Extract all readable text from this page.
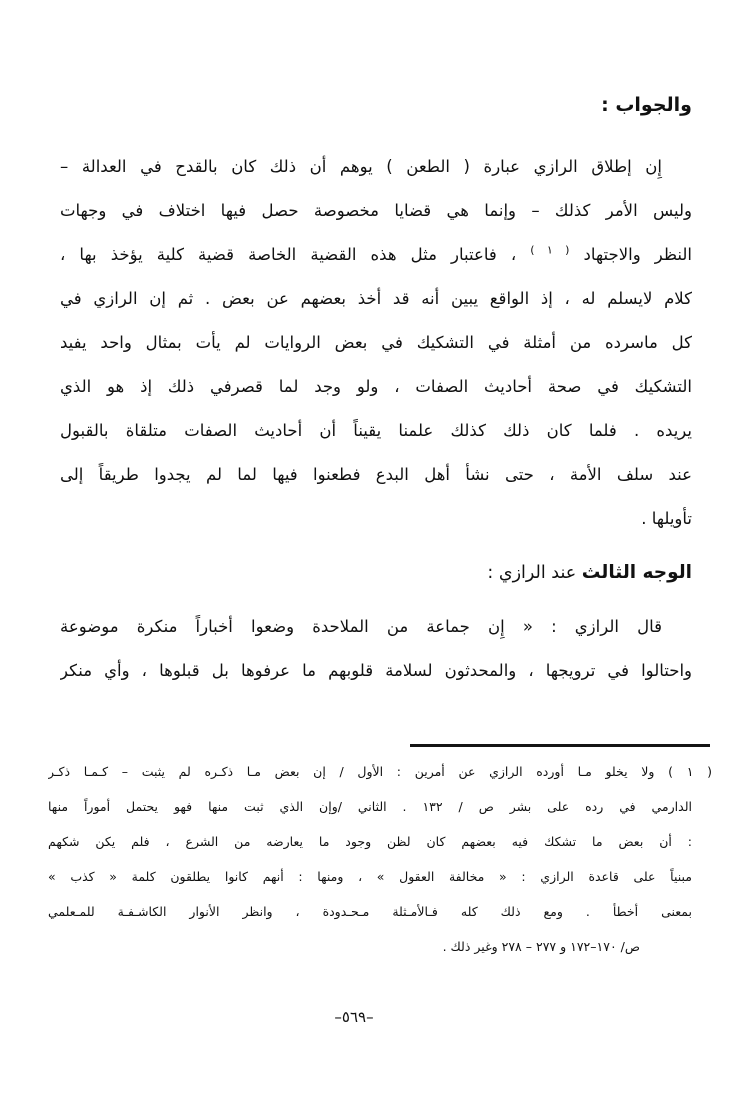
والجواب :
إِن إطلاق الرازي عبارة ( الطعن ) يوهم أن ذلك كان بالقدح في العدالة –
وليس الأمر كذلك – وإنما هي قضايا مخصوصة حصل فيها اختلاف في وجهات
النظر والاجتهاد $^{( ١ )}$ ، فاعتبار مثل هذه القضية الخاصة قضية كلية يؤخذ بها ،
كلام لايسلم له ، إذ الواقع يبين أنه قد أخذ بعضهم عن بعض . ثم إن الرازي في
كل ماسرده من أمثلة في التشكيك في بعض الروايات لم يأت بمثال واحد يفيد
التشكيك في صحة أحاديث الصفات ، ولو وجد لما قصرفي ذلك إذ هو الذي
يريده . فلما كان ذلك كذلك علمنا يقيناً أن أحاديث الصفات متلقاة بالقبول
عند سلف الأمة ، حتى نشأ أهل البدع فطعنوا فيها لما لم يجدوا طريقاً إلى
تأويلها .
الوجه الثالث عند الرازي :
قال الرازي : « إِن جماعة من الملاحدة وضعوا أخباراً منكرة موضوعة
واحتالوا في ترويجها ، والمحدثون لسلامة قلوبهم ما عرفوها بل قبلوها ، وأي منكر
( ١ ) ولا يخلو مـا أورده الرازي عن أمرين : الأول / إن بعض مـا ذكـره لم يثبت – كـمـا ذكـر
الدارمي في رده على بشر ص / ١٣٢ . الثاني /وإن الذي ثبت منها فهو يحتمل أموراً منها
: أن بعض ما تشكك فيه بعضهم كان لظن وجود ما يعارضه من الشرع ، فلم يكن شكهم
مبنياً على قاعدة الرازي : « مخالفة العقول » ، ومنها : أنهم كانوا يطلقون كلمة « كذب »
بمعنى أخطأ . ومع ذلك كله فـالأمـثلة مـحـدودة ، وانظر الأنوار الكاشـفـة للمـعلمي
ص/ ١٧٠–١٧٢ و ٢٧٧ – ٢٧٨ وغير ذلك .
–٥٦٩–
